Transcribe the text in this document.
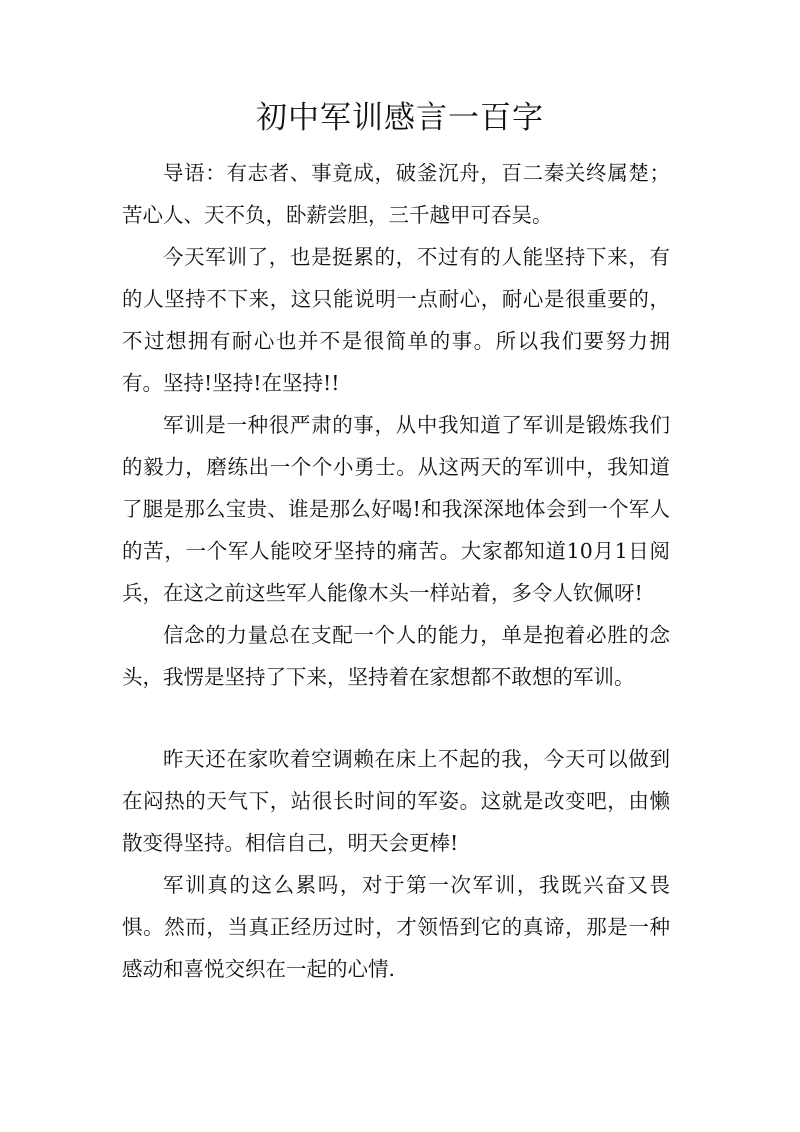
初中军训感言一百字

导语：有志者、事竟成，破釜沉舟，百二秦关终属楚；苦心人、天不负，卧薪尝胆，三千越甲可吞吴。

今天军训了，也是挺累的，不过有的人能坚持下来，有的人坚持不下来，这只能说明一点耐心，耐心是很重要的，不过想拥有耐心也并不是很简单的事。所以我们要努力拥有。坚持!坚持!在坚持!!

军训是一种很严肃的事，从中我知道了军训是锻炼我们的毅力，磨练出一个个小勇士。从这两天的军训中，我知道了腿是那么宝贵、谁是那么好喝!和我深深地体会到一个军人的苦，一个军人能咬牙坚持的痛苦。大家都知道10月1日阅兵，在这之前这些军人能像木头一样站着，多令人钦佩呀!

信念的力量总在支配一个人的能力，单是抱着必胜的念头，我愣是坚持了下来，坚持着在家想都不敢想的军训。

昨天还在家吹着空调赖在床上不起的我，今天可以做到在闷热的天气下，站很长时间的军姿。这就是改变吧，由懒散变得坚持。相信自己，明天会更棒!

军训真的这么累吗，对于第一次军训，我既兴奋又畏惧。然而，当真正经历过时，才领悟到它的真谛，那是一种感动和喜悦交织在一起的心情.
